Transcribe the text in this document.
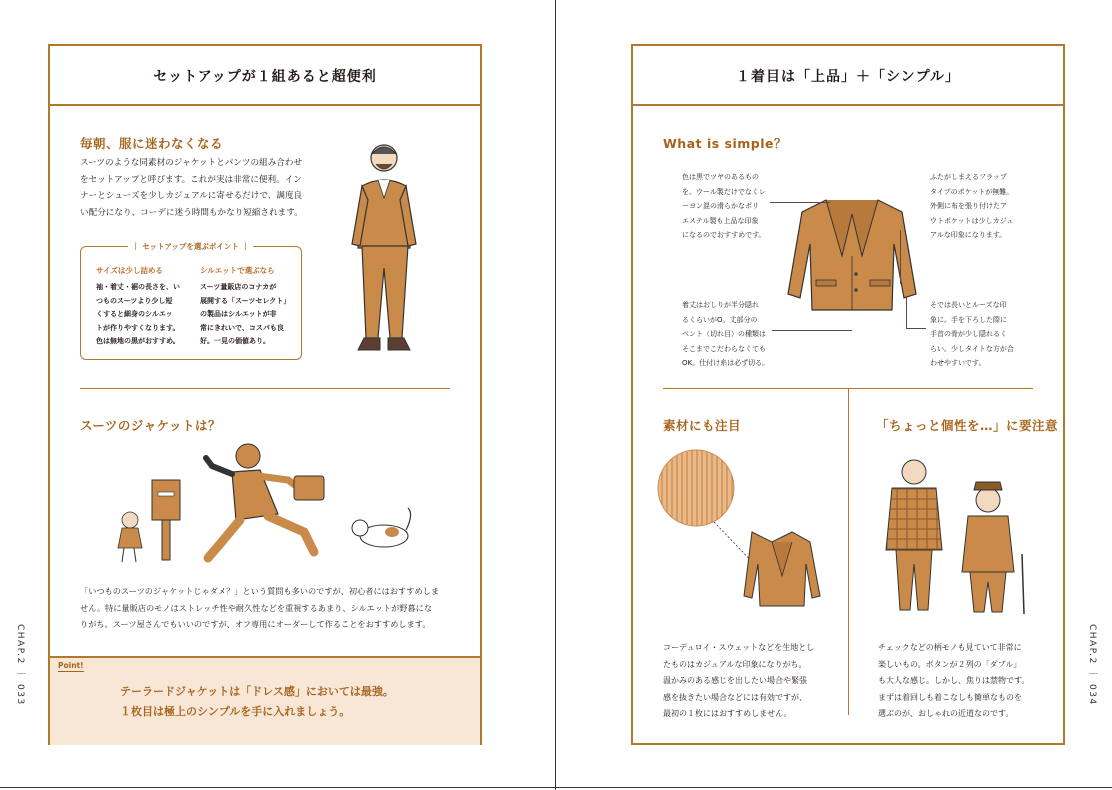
セットアップが１組あると超便利
毎朝、服に迷わなくなる
スーツのような同素材のジャケットとパンツの組み合わせ
をセットアップと呼びます。これが実は非常に便利。イン
ナーとシューズを少しカジュアルに寄せるだけで、調度良
い配分になり、コーデに迷う時間もかなり短縮されます。
｜ セットアップを選ぶポイント ｜
サイズは少し詰める
袖・着丈・裾の長さを、い
つものスーツより少し短
くすると細身のシルエッ
トが作りやすくなります。
色は無地の黒がおすすめ。
シルエットで選ぶなら
スーツ量販店のコナカが
展開する「スーツセレクト」
の製品はシルエットが非
常にきれいで、コスパも良
好。一見の価値あり。
スーツのジャケットは？
「いつものスーツのジャケットじゃダメ？」という質問も多いのですが、初心者にはおすすめしま
せん。特に量販店のモノはストレッチ性や耐久性などを重視するあまり、シルエットが野暮にな
りがち。スーツ屋さんでもいいのですが、オフ専用にオーダーして作ることをおすすめします。
Point!
テーラードジャケットは「ドレス感」においては最強。
１枚目は極上のシンプルを手に入れましょう。
CHAP.2 ｜ 033
１着目は「上品」＋「シンプル」
What is simple？
色は黒でツヤのあるもの
を。ウール製だけでなくレ
ーヨン混の滑らかなポリ
エステル製も上品な印象
になるのでおすすめです。
ふたがしまえるフラップ
タイプのポケットが無難。
外側に布を張り付けたア
ウトポケットは少しカジュ
アルな印象になります。
着丈はおしりが半分隠れ
るくらいがO。丈部分の
ベント（切れ目）の種類は
そこまでこだわらなくても
OK。仕付け糸は必ず切る。
そでは長いとルーズな印
象に。手を下ろした際に
手首の骨が少し隠れるく
らい。少しタイトな方が合
わせやすいです。
素材にも注目
コーデュロイ・スウェットなどを生地とし
たものはカジュアルな印象になりがち。
温かみのある感じを出したい場合や緊張
感を抜きたい場合などには有効ですが、
最初の１枚にはおすすめしません。
「ちょっと個性を…」に要注意
チェックなどの柄モノも見ていて非常に
楽しいもの。ボタンが２列の「ダブル」
も大人な感じ。しかし、焦りは禁物です。
まずは着回しも着こなしも簡単なものを
選ぶのが、おしゃれの近道なのです。
CHAP.2 ｜ 034
